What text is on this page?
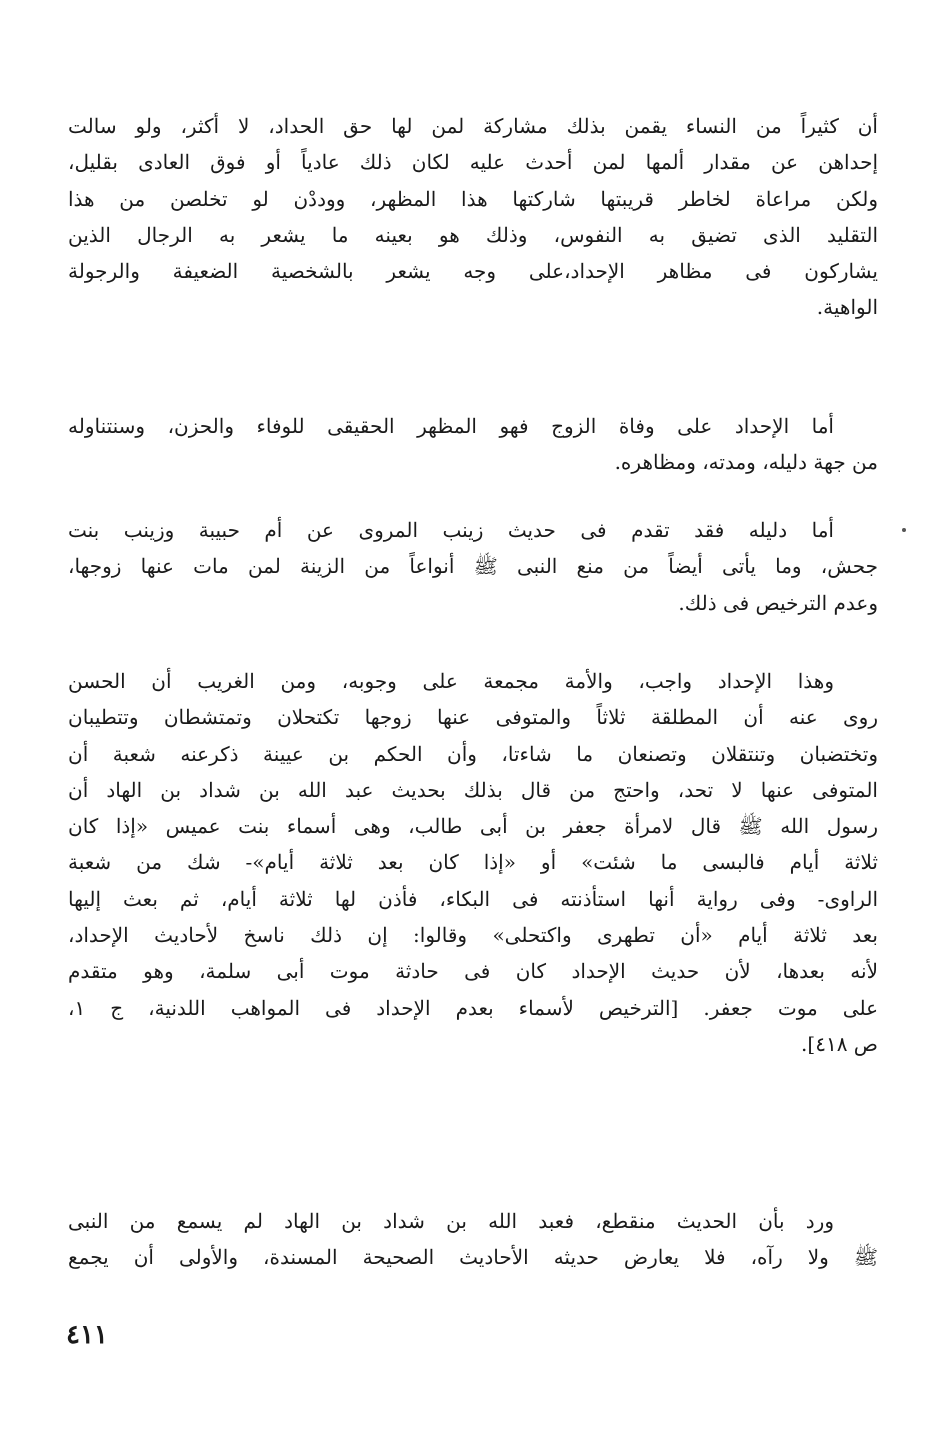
أن كثيراً من النساء يقمن بذلك مشاركة لمن لها حق الحداد، لا أكثر، ولو سالت
إحداهن عن مقدار ألمها لمن أحدث عليه لكان ذلك عادياً أو فوق العادى بقليل،
ولكن مراعاة لخاطر قريبتها شاركتها هذا المظهر، ووددْن لو تخلصن من هذا
التقليد الذى تضيق به النفوس، وذلك هو بعينه ما يشعر به الرجال الذين
يشاركون فى مظاهر الإحداد،على وجه يشعر بالشخصية الضعيفة والرجولة
الواهية.
أما الإحداد على وفاة الزوج فهو المظهر الحقيقى للوفاء والحزن، وسنتناوله
من جهة دليله، ومدته، ومظاهره.
أما دليله فقد تقدم فى حديث زينب المروى عن أم حبيبة وزينب بنت
جحش، وما يأتى أيضاً من منع النبى ﷺ أنواعاً من الزينة لمن مات عنها زوجها،
وعدم الترخيص فى ذلك.
وهذا الإحداد واجب، والأمة مجمعة على وجوبه، ومن الغريب أن الحسن
روى عنه أن المطلقة ثلاثاً والمتوفى عنها زوجها تكتحلان وتمتشطان وتتطيبان
وتختضبان وتنتقلان وتصنعان ما شاءتا، وأن الحكم بن عيينة ذكرعنه شعبة أن
المتوفى عنها لا تحد، واحتج من قال بذلك بحديث عبد الله بن شداد بن الهاد أن
رسول الله ﷺ قال لامرأة جعفر بن أبى طالب، وهى أسماء بنت عميس «إذا كان
ثلاثة أيام فالبسى ما شئت» أو «إذا كان بعد ثلاثة أيام»- شك من شعبة
الراوى- وفى رواية أنها استأذنته فى البكاء، فأذن لها ثلاثة أيام، ثم بعث إليها
بعد ثلاثة أيام «أن تطهرى واكتحلى» وقالوا: إن ذلك ناسخ لأحاديث الإحداد،
لأنه بعدها، لأن حديث الإحداد كان فى حادثة موت أبى سلمة، وهو متقدم
على موت جعفر. [الترخيص لأسماء بعدم الإحداد فى المواهب اللدنية، ج ١،
ص ٤١٨].
ورد بأن الحديث منقطع، فعبد الله بن شداد بن الهاد لم يسمع من النبى
ﷺ ولا رآه، فلا يعارض حديثه الأحاديث الصحيحة المسندة، والأولى أن يجمع
٤١١
